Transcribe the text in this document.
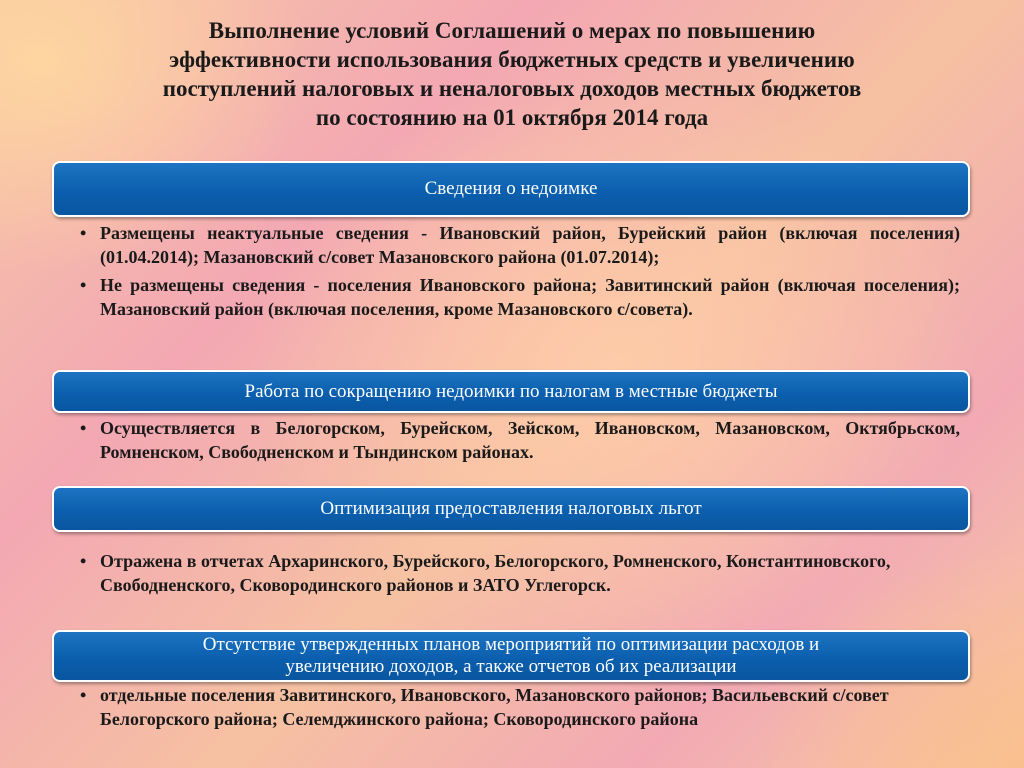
Выполнение условий Соглашений о мерах по повышению
эффективности использования бюджетных средств и увеличению
поступлений налоговых и неналоговых доходов местных бюджетов
по состоянию на 01 октября 2014 года
Сведения о недоимке
• Размещены неактуальные сведения - Ивановский район, Бурейский район (включая поселения) (01.04.2014); Мазановский с/совет Мазановского района (01.07.2014);
• Не размещены сведения - поселения Ивановского района; Завитинский район (включая поселения); Мазановский район (включая поселения, кроме Мазановского с/совета).
Работа по сокращению недоимки по налогам в местные бюджеты
• Осуществляется в Белогорском, Бурейском, Зейском, Ивановском, Мазановском, Октябрьском, Ромненском, Свободненском и Тындинском районах.
Оптимизация предоставления налоговых льгот
• Отражена в отчетах Архаринского, Бурейского, Белогорского, Ромненского, Константиновского, Свободненского, Сковородинского районов и ЗАТО Углегорск.
Отсутствие утвержденных планов мероприятий по оптимизации расходов и
увеличению доходов, а также отчетов об их реализации
• отдельные поселения Завитинского, Ивановского, Мазановского районов; Васильевский с/совет Белогорского района; Селемджинского района; Сковородинского района
